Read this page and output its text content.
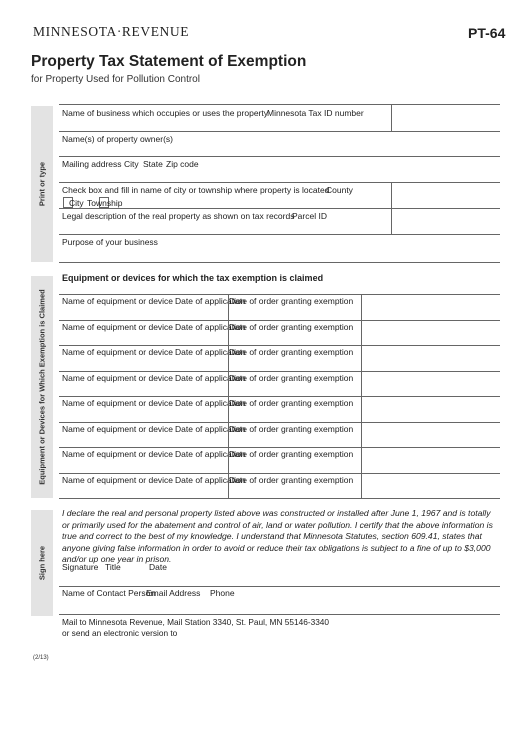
MINNESOTA·REVENUE	PT-64
Property Tax Statement of Exemption
for Property Used for Pollution Control
Print or type
Equipment or Devices for Which Exemption is Claimed
Sign here
Name of business which occupies or uses the property Minnesota Tax ID number
Name(s) of property owner(s)
Mailing address City State Zip code
Check box and fill in name of city or township where property is located
County
City Township
Legal description of the real property as shown on tax records
Parcel ID
Purpose of your business
Equipment or devices for which the tax exemption is claimed
Name of equipment or device Date of application
Date of order granting exemption
Name of equipment or device Date of application
Date of order granting exemption
Name of equipment or device Date of application
Date of order granting exemption
Name of equipment or device Date of application
Date of order granting exemption
Name of equipment or device Date of application
Date of order granting exemption
Name of equipment or device Date of application
Date of order granting exemption
Name of equipment or device Date of application
Date of order granting exemption
Name of equipment or device Date of application
Date of order granting exemption
I declare the real and personal property listed above was constructed or installed after June 1, 1967 and is totally or primarily used for the abatement and control of air, land or water pollution. I certify that the above information is true and correct to the best of my knowledge. I understand that Minnesota Statutes, section 609.41, states that anyone giving false information in order to avoid or reduce their tax obligations is subject to a fine of up to $3,000 and/or up one year in prison.
Signature Title	Date
Name of Contact Person
Email Address Phone
Mail to Minnesota Revenue, Mail Station 3340, St. Paul, MN 55146-3340
or send an electronic version to
(2/13)
